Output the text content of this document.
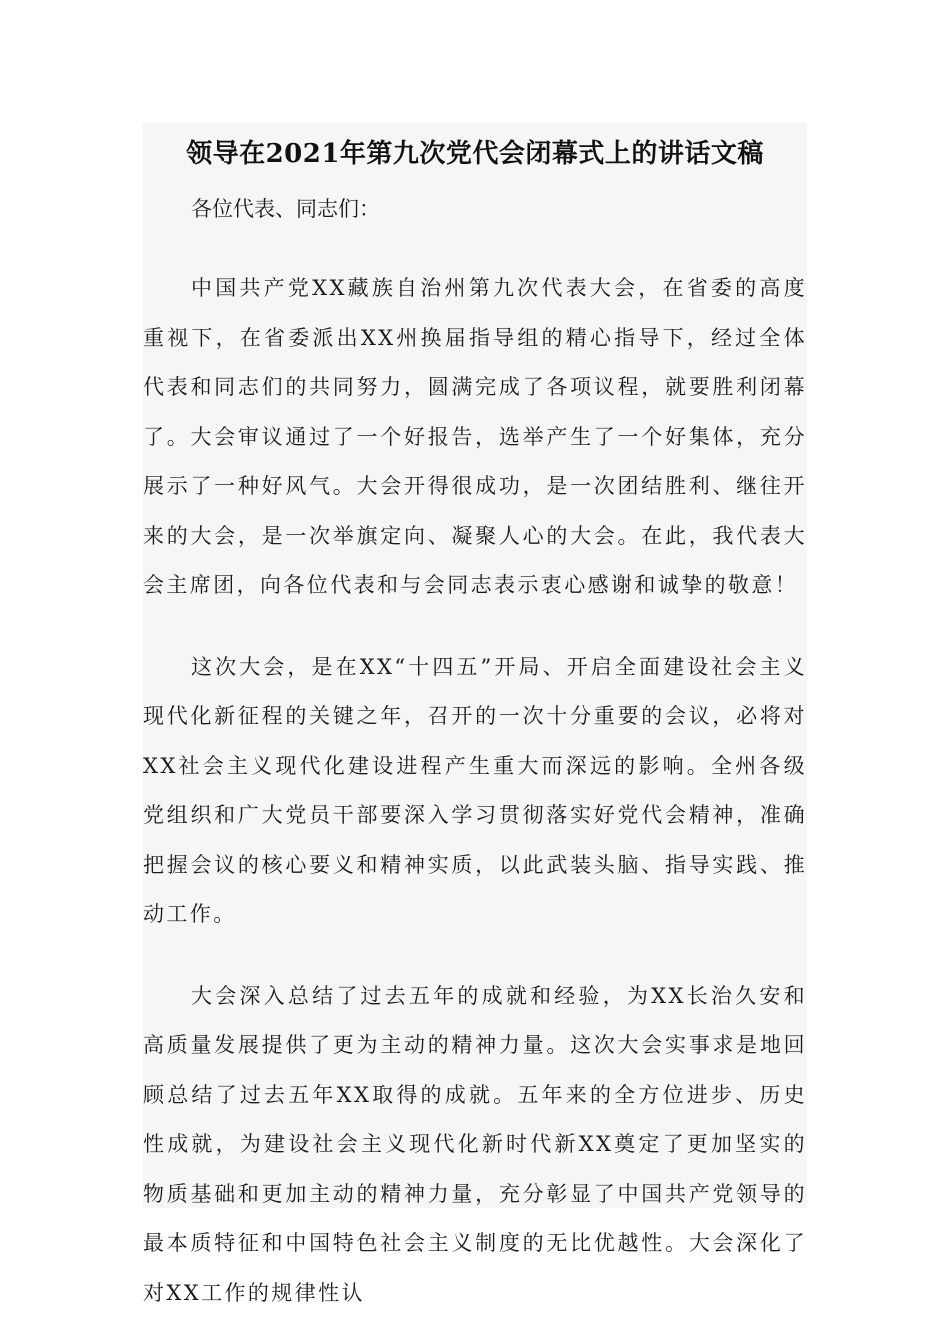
领导在2021年第九次党代会闭幕式上的讲话文稿

各位代表、同志们：

中国共产党XX藏族自治州第九次代表大会，在省委的高度重视下，在省委派出XX州换届指导组的精心指导下，经过全体代表和同志们的共同努力，圆满完成了各项议程，就要胜利闭幕了。大会审议通过了一个好报告，选举产生了一个好集体，充分展示了一种好风气。大会开得很成功，是一次团结胜利、继往开来的大会，是一次举旗定向、凝聚人心的大会。在此，我代表大会主席团，向各位代表和与会同志表示衷心感谢和诚挚的敬意！

这次大会，是在XX“十四五”开局、开启全面建设社会主义现代化新征程的关键之年，召开的一次十分重要的会议，必将对XX社会主义现代化建设进程产生重大而深远的影响。全州各级党组织和广大党员干部要深入学习贯彻落实好党代会精神，准确把握会议的核心要义和精神实质，以此武装头脑、指导实践、推动工作。

大会深入总结了过去五年的成就和经验，为XX长治久安和高质量发展提供了更为主动的精神力量。这次大会实事求是地回顾总结了过去五年XX取得的成就。五年来的全方位进步、历史性成就，为建设社会主义现代化新时代新XX奠定了更加坚实的物质基础和更加主动的精神力量，充分彰显了中国共产党领导的最本质特征和中国特色社会主义制度的无比优越性。大会深化了对XX工作的规律性认
